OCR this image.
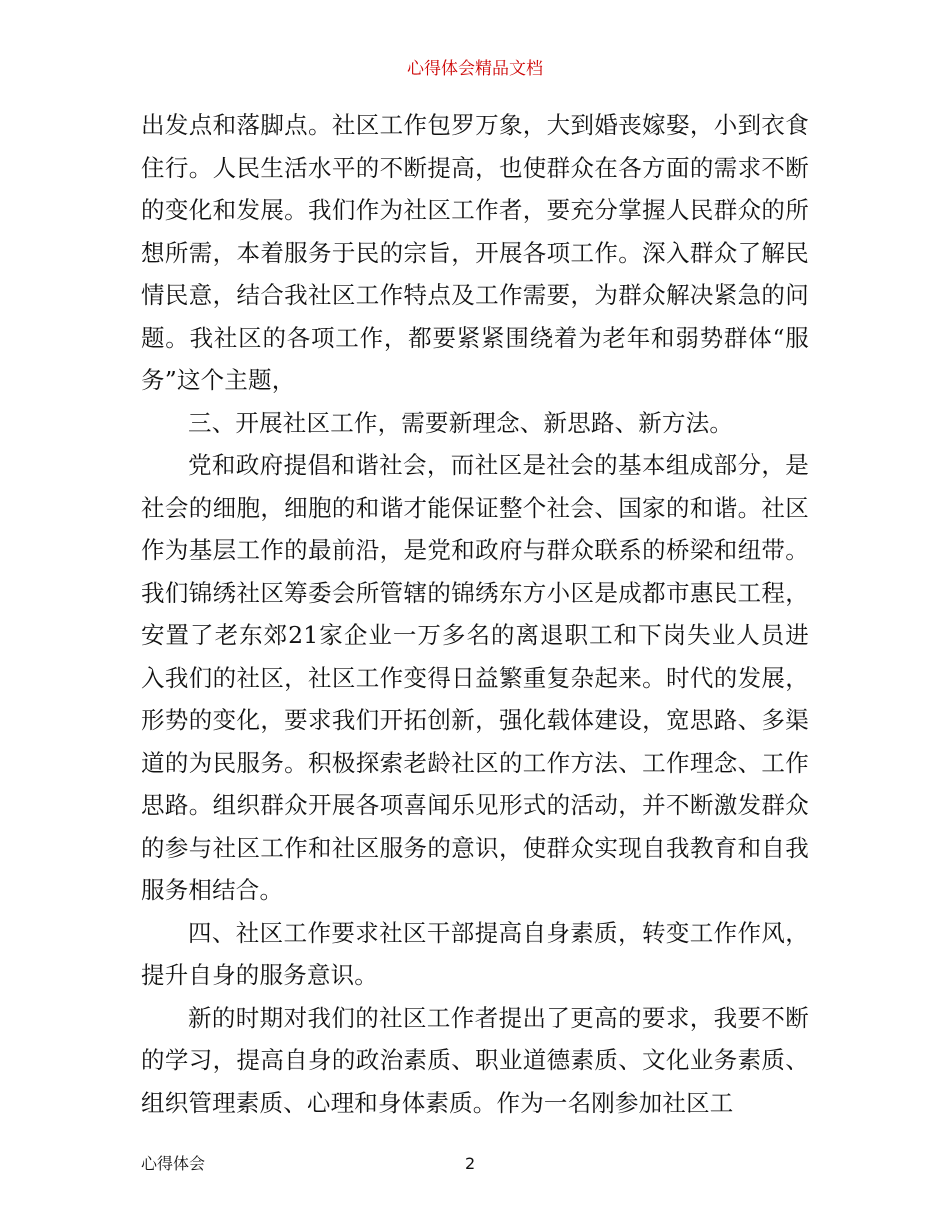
心得体会精品文档

出发点和落脚点。社区工作包罗万象，大到婚丧嫁娶，小到衣食住行。人民生活水平的不断提高，也使群众在各方面的需求不断的变化和发展。我们作为社区工作者，要充分掌握人民群众的所想所需，本着服务于民的宗旨，开展各项工作。深入群众了解民情民意，结合我社区工作特点及工作需要，为群众解决紧急的问题。我社区的各项工作，都要紧紧围绕着为老年和弱势群体“服务”这个主题，

三、开展社区工作，需要新理念、新思路、新方法。

党和政府提倡和谐社会，而社区是社会的基本组成部分，是社会的细胞，细胞的和谐才能保证整个社会、国家的和谐。社区作为基层工作的最前沿，是党和政府与群众联系的桥梁和纽带。我们锦绣社区筹委会所管辖的锦绣东方小区是成都市惠民工程，安置了老东郊21家企业一万多名的离退职工和下岗失业人员进入我们的社区，社区工作变得日益繁重复杂起来。时代的发展，形势的变化，要求我们开拓创新，强化载体建设，宽思路、多渠道的为民服务。积极探索老龄社区的工作方法、工作理念、工作思路。组织群众开展各项喜闻乐见形式的活动，并不断激发群众的参与社区工作和社区服务的意识，使群众实现自我教育和自我服务相结合。

四、社区工作要求社区干部提高自身素质，转变工作作风，提升自身的服务意识。

新的时期对我们的社区工作者提出了更高的要求，我要不断的学习，提高自身的政治素质、职业道德素质、文化业务素质、组织管理素质、心理和身体素质。作为一名刚参加社区工

心得体会	2
